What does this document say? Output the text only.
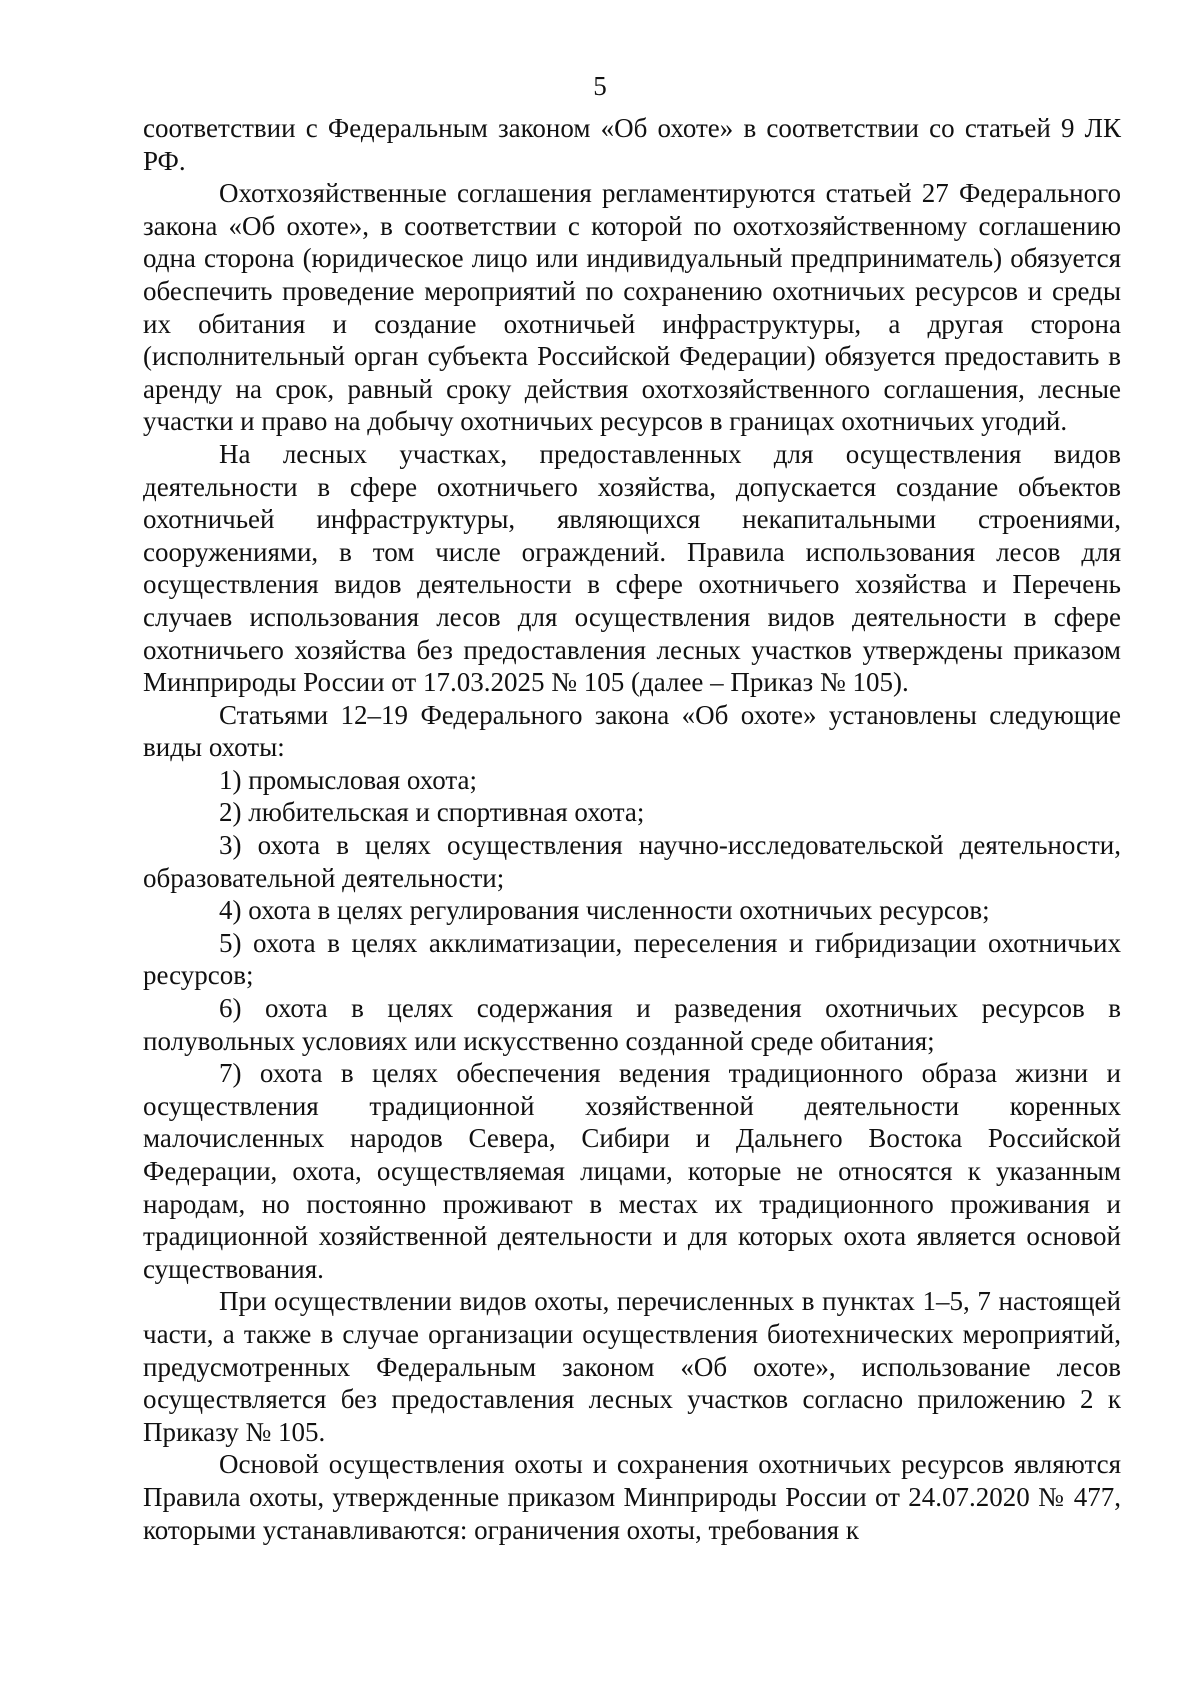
5

соответствии с Федеральным законом «Об охоте» в соответствии со статьей 9 ЛК РФ.

Охотхозяйственные соглашения регламентируются статьей 27 Федерального закона «Об охоте», в соответствии с которой по охотхозяйственному соглашению одна сторона (юридическое лицо или индивидуальный предприниматель) обязуется обеспечить проведение мероприятий по сохранению охотничьих ресурсов и среды их обитания и создание охотничьей инфраструктуры, а другая сторона (исполнительный орган субъекта Российской Федерации) обязуется предоставить в аренду на срок, равный сроку действия охотхозяйственного соглашения, лесные участки и право на добычу охотничьих ресурсов в границах охотничьих угодий.

На лесных участках, предоставленных для осуществления видов деятельности в сфере охотничьего хозяйства, допускается создание объектов охотничьей инфраструктуры, являющихся некапитальными строениями, сооружениями, в том числе ограждений. Правила использования лесов для осуществления видов деятельности в сфере охотничьего хозяйства и Перечень случаев использования лесов для осуществления видов деятельности в сфере охотничьего хозяйства без предоставления лесных участков утверждены приказом Минприроды России от 17.03.2025 № 105 (далее – Приказ № 105).

Статьями 12–19 Федерального закона «Об охоте» установлены следующие виды охоты:

1) промысловая охота;

2) любительская и спортивная охота;

3) охота в целях осуществления научно-исследовательской деятельности, образовательной деятельности;

4) охота в целях регулирования численности охотничьих ресурсов;

5) охота в целях акклиматизации, переселения и гибридизации охотничьих ресурсов;

6) охота в целях содержания и разведения охотничьих ресурсов в полувольных условиях или искусственно созданной среде обитания;

7) охота в целях обеспечения ведения традиционного образа жизни и осуществления традиционной хозяйственной деятельности коренных малочисленных народов Севера, Сибири и Дальнего Востока Российской Федерации, охота, осуществляемая лицами, которые не относятся к указанным народам, но постоянно проживают в местах их традиционного проживания и традиционной хозяйственной деятельности и для которых охота является основой существования.

При осуществлении видов охоты, перечисленных в пунктах 1–5, 7 настоящей части, а также в случае организации осуществления биотехнических мероприятий, предусмотренных Федеральным законом «Об охоте», использование лесов осуществляется без предоставления лесных участков согласно приложению 2 к Приказу № 105.

Основой осуществления охоты и сохранения охотничьих ресурсов являются Правила охоты, утвержденные приказом Минприроды России от 24.07.2020 № 477, которыми устанавливаются: ограничения охоты, требования к
